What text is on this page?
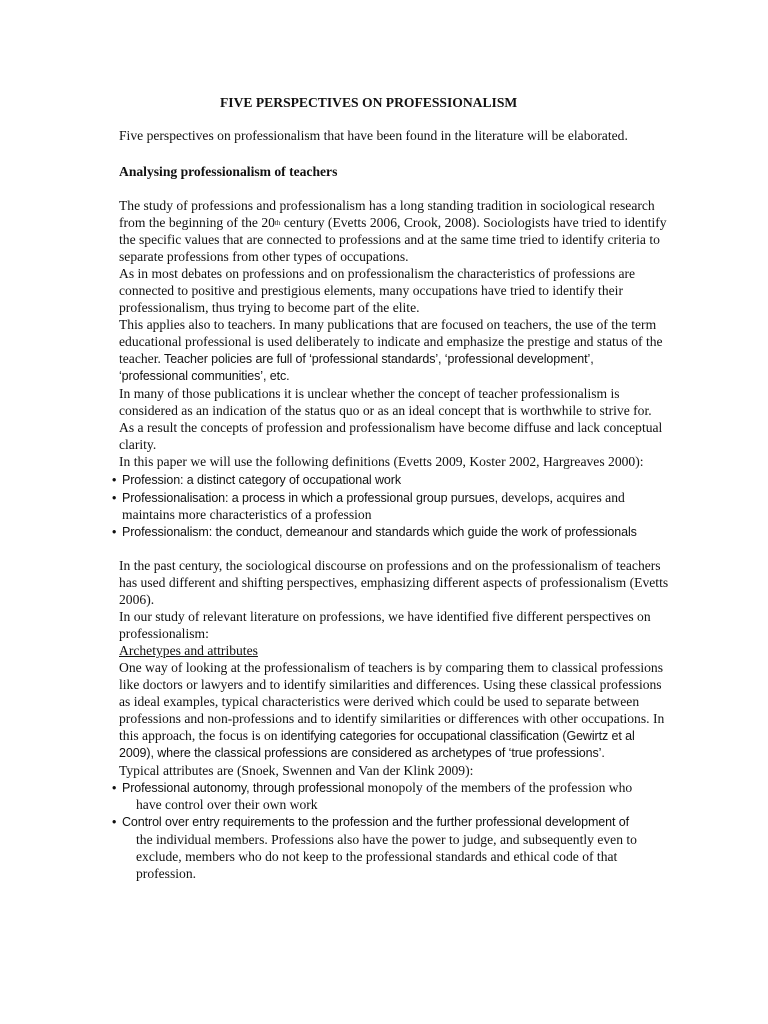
FIVE PERSPECTIVES ON PROFESSIONALISM
Five perspectives on professionalism that have been found in the literature will be elaborated.
Analysing professionalism of teachers
The study of professions and professionalism has a long standing tradition in sociological research
from the beginning of the 20th century (Evetts 2006, Crook, 2008). Sociologists have tried to identify
the specific values that are connected to professions and at the same time tried to identify criteria to
separate professions from other types of occupations.
As in most debates on professions and on professionalism the characteristics of professions are
connected to positive and prestigious elements, many occupations have tried to identify their
professionalism, thus trying to become part of the elite.
This applies also to teachers. In many publications that are focused on teachers, the use of the term
educational professional is used deliberately to indicate and emphasize the prestige and status of the
teacher. Teacher policies are full of ‘professional standards’, ‘professional development’,
‘professional communities’, etc.
In many of those publications it is unclear whether the concept of teacher professionalism is
considered as an indication of the status quo or as an ideal concept that is worthwhile to strive for.
As a result the concepts of profession and professionalism have become diffuse and lack conceptual
clarity.
In this paper we will use the following definitions (Evetts 2009, Koster 2002, Hargreaves 2000):
• Profession: a distinct category of occupational work
• Professionalisation: a process in which a professional group pursues, develops, acquires and
maintains more characteristics of a profession
• Professionalism: the conduct, demeanour and standards which guide the work of professionals
In the past century, the sociological discourse on professions and on the professionalism of teachers
has used different and shifting perspectives, emphasizing different aspects of professionalism (Evetts
2006).
In our study of relevant literature on professions, we have identified five different perspectives on
professionalism:
Archetypes and attributes
One way of looking at the professionalism of teachers is by comparing them to classical professions
like doctors or lawyers and to identify similarities and differences. Using these classical professions
as ideal examples, typical characteristics were derived which could be used to separate between
professions and non-professions and to identify similarities or differences with other occupations. In
this approach, the focus is on identifying categories for occupational classification (Gewirtz et al
2009), where the classical professions are considered as archetypes of ‘true professions’.
Typical attributes are (Snoek, Swennen and Van der Klink 2009):
• Professional autonomy, through professional monopoly of the members of the profession who
have control over their own work
• Control over entry requirements to the profession and the further professional development of
the individual members. Professions also have the power to judge, and subsequently even to
exclude, members who do not keep to the professional standards and ethical code of that
profession.
